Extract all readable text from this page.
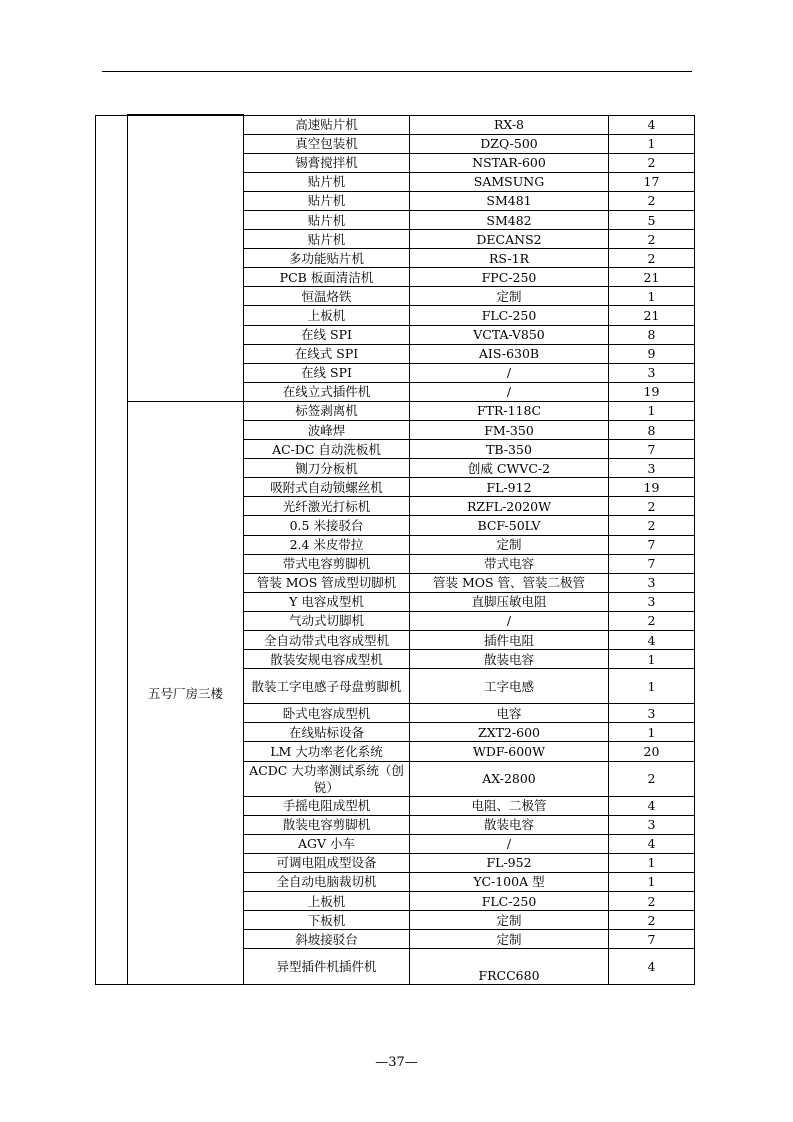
		高速贴片机	RX-8	4
		真空包装机	DZQ-500	1
		锡膏搅拌机	NSTAR-600	2
		贴片机	SAMSUNG	17
		贴片机	SM481	2
		贴片机	SM482	5
		贴片机	DECANS2	2
		多功能贴片机	RS-1R	2
		PCB 板面清洁机	FPC-250	21
		恒温烙铁	定制	1
		上板机	FLC-250	21
		在线 SPI	VCTA-V850	8
		在线式 SPI	AIS-630B	9
		在线 SPI	/	3
		在线立式插件机	/	19
	五号厂房三楼	标签剥离机	FTR-118C	1
		波峰焊	FM-350	8
		AC-DC 自动洗板机	TB-350	7
		铡刀分板机	创威 CWVC-2	3
		吸附式自动锁螺丝机	FL-912	19
		光纤激光打标机	RZFL-2020W	2
		0.5 米接驳台	BCF-50LV	2
		2.4 米皮带拉	定制	7
		带式电容剪脚机	带式电容	7
		管装 MOS 管成型切脚机	管装 MOS 管、管装二极管	3
		Y 电容成型机	直脚压敏电阻	3
		气动式切脚机	/	2
		全自动带式电容成型机	插件电阻	4
		散装安规电容成型机	散装电容	1
		散装工字电感子母盘剪脚机	工字电感	1
		卧式电容成型机	电容	3
		在线贴标设备	ZXT2-600	1
		LM 大功率老化系统	WDF-600W	20
		ACDC 大功率测试系统（创锐）	AX-2800	2
		手摇电阻成型机	电阻、二极管	4
		散装电容剪脚机	散装电容	3
		AGV 小车	/	4
		可调电阻成型设备	FL-952	1
		全自动电脑裁切机	YC-100A 型	1
		上板机	FLC-250	2
		下板机	定制	2
		斜坡接驳台	定制	7
		异型插件机插件机	FRCC680	4
—37—
